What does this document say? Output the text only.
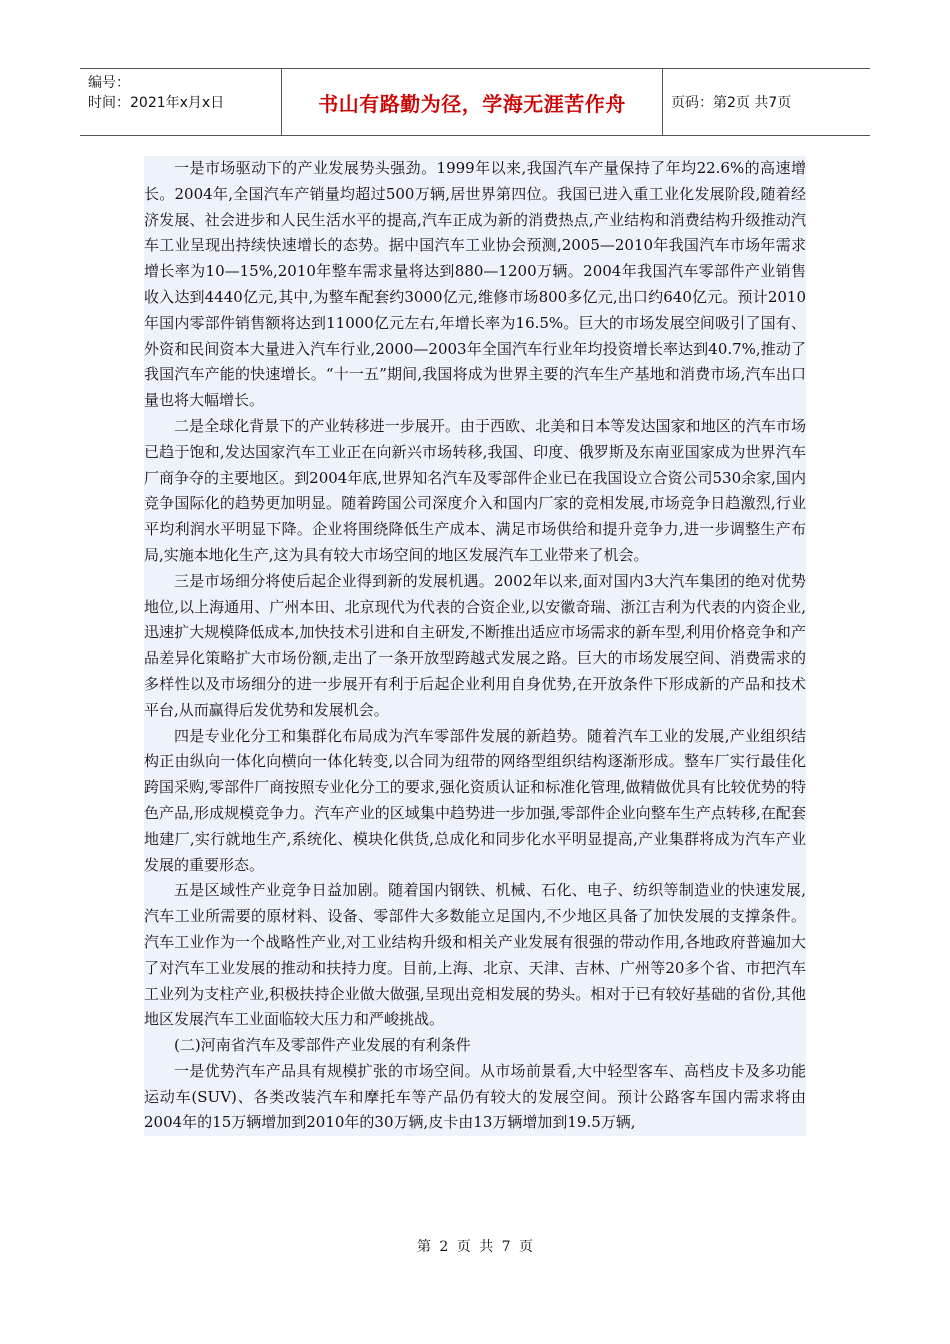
编号：
时间：2021年x月x日	书山有路勤为径，学海无涯苦作舟	页码：第2页 共7页

一是市场驱动下的产业发展势头强劲。1999年以来,我国汽车产量保持了年均22.6%的高速增长。2004年,全国汽车产销量均超过500万辆,居世界第四位。我国已进入重工业化发展阶段,随着经济发展、社会进步和人民生活水平的提高,汽车正成为新的消费热点,产业结构和消费结构升级推动汽车工业呈现出持续快速增长的态势。据中国汽车工业协会预测,2005—2010年我国汽车市场年需求增长率为10—15%,2010年整车需求量将达到880—1200万辆。2004年我国汽车零部件产业销售收入达到4440亿元,其中,为整车配套约3000亿元,维修市场800多亿元,出口约640亿元。预计2010年国内零部件销售额将达到11000亿元左右,年增长率为16.5%。巨大的市场发展空间吸引了国有、外资和民间资本大量进入汽车行业,2000—2003年全国汽车行业年均投资增长率达到40.7%,推动了我国汽车产能的快速增长。“十一五”期间,我国将成为世界主要的汽车生产基地和消费市场,汽车出口量也将大幅增长。

二是全球化背景下的产业转移进一步展开。由于西欧、北美和日本等发达国家和地区的汽车市场已趋于饱和,发达国家汽车工业正在向新兴市场转移,我国、印度、俄罗斯及东南亚国家成为世界汽车厂商争夺的主要地区。到2004年底,世界知名汽车及零部件企业已在我国设立合资公司530余家,国内竞争国际化的趋势更加明显。随着跨国公司深度介入和国内厂家的竞相发展,市场竞争日趋激烈,行业平均利润水平明显下降。企业将围绕降低生产成本、满足市场供给和提升竞争力,进一步调整生产布局,实施本地化生产,这为具有较大市场空间的地区发展汽车工业带来了机会。

三是市场细分将使后起企业得到新的发展机遇。2002年以来,面对国内3大汽车集团的绝对优势地位,以上海通用、广州本田、北京现代为代表的合资企业,以安徽奇瑞、浙江吉利为代表的内资企业,迅速扩大规模降低成本,加快技术引进和自主研发,不断推出适应市场需求的新车型,利用价格竞争和产品差异化策略扩大市场份额,走出了一条开放型跨越式发展之路。巨大的市场发展空间、消费需求的多样性以及市场细分的进一步展开有利于后起企业利用自身优势,在开放条件下形成新的产品和技术平台,从而赢得后发优势和发展机会。

四是专业化分工和集群化布局成为汽车零部件发展的新趋势。随着汽车工业的发展,产业组织结构正由纵向一体化向横向一体化转变,以合同为纽带的网络型组织结构逐渐形成。整车厂实行最佳化跨国采购,零部件厂商按照专业化分工的要求,强化资质认证和标准化管理,做精做优具有比较优势的特色产品,形成规模竞争力。汽车产业的区域集中趋势进一步加强,零部件企业向整车生产点转移,在配套地建厂,实行就地生产,系统化、模块化供货,总成化和同步化水平明显提高,产业集群将成为汽车产业发展的重要形态。

五是区域性产业竞争日益加剧。随着国内钢铁、机械、石化、电子、纺织等制造业的快速发展,汽车工业所需要的原材料、设备、零部件大多数能立足国内,不少地区具备了加快发展的支撑条件。汽车工业作为一个战略性产业,对工业结构升级和相关产业发展有很强的带动作用,各地政府普遍加大了对汽车工业发展的推动和扶持力度。目前,上海、北京、天津、吉林、广州等20多个省、市把汽车工业列为支柱产业,积极扶持企业做大做强,呈现出竞相发展的势头。相对于已有较好基础的省份,其他地区发展汽车工业面临较大压力和严峻挑战。

(二)河南省汽车及零部件产业发展的有利条件

一是优势汽车产品具有规模扩张的市场空间。从市场前景看,大中轻型客车、高档皮卡及多功能运动车(SUV)、各类改装汽车和摩托车等产品仍有较大的发展空间。预计公路客车国内需求将由2004年的15万辆增加到2010年的30万辆,皮卡由13万辆增加到19.5万辆,

第 2 页 共 7 页
